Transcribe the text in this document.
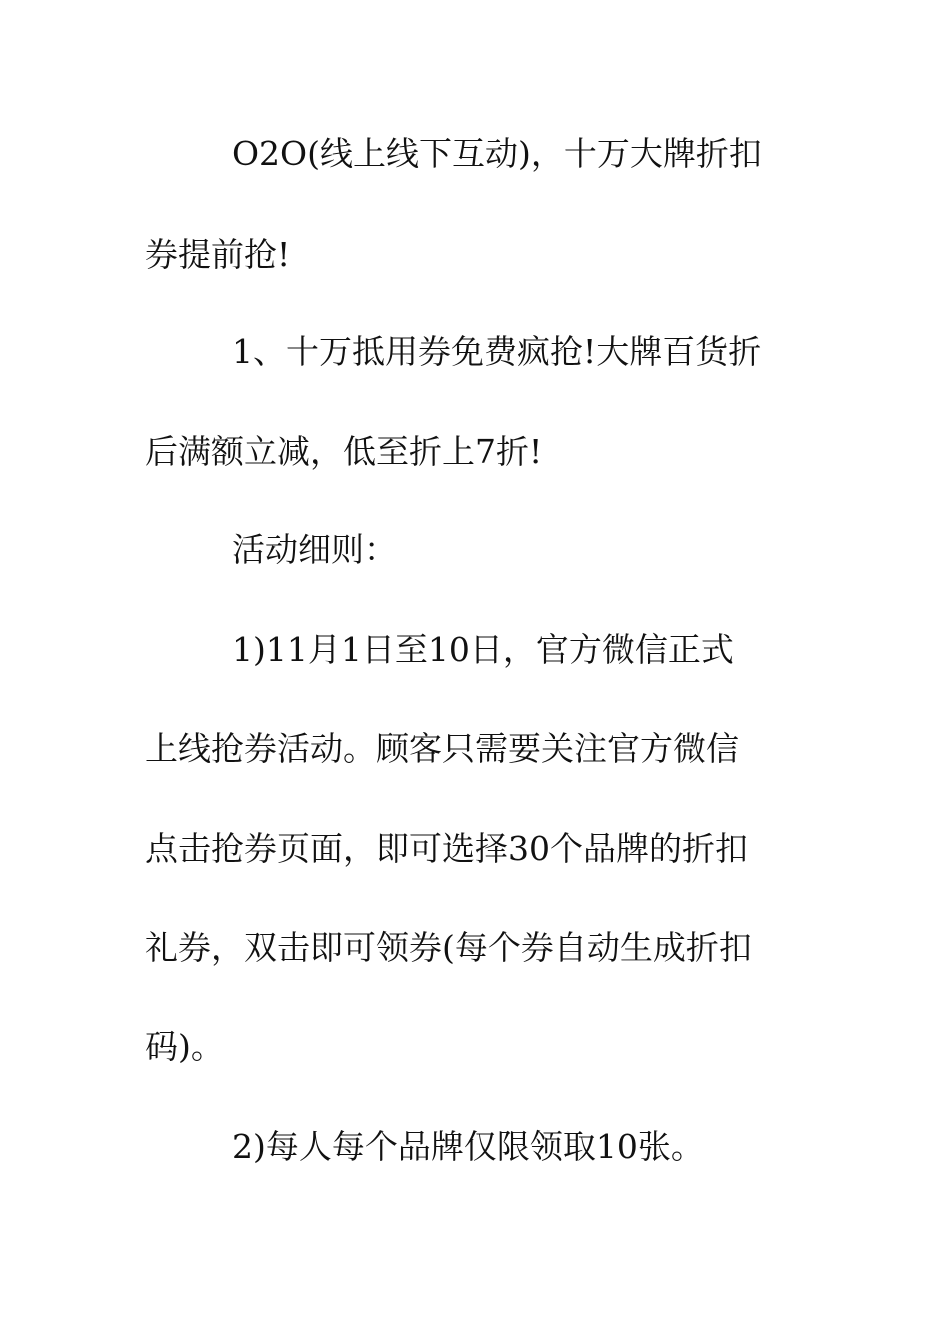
O2O(线上线下互动)，十万大牌折扣
券提前抢!
1、十万抵用券免费疯抢!大牌百货折
后满额立减，低至折上7折!
活动细则：
1)11月1日至10日，官方微信正式
上线抢券活动。顾客只需要关注官方微信
点击抢券页面，即可选择30个品牌的折扣
礼券，双击即可领券(每个券自动生成折扣
码)。
2)每人每个品牌仅限领取10张。
